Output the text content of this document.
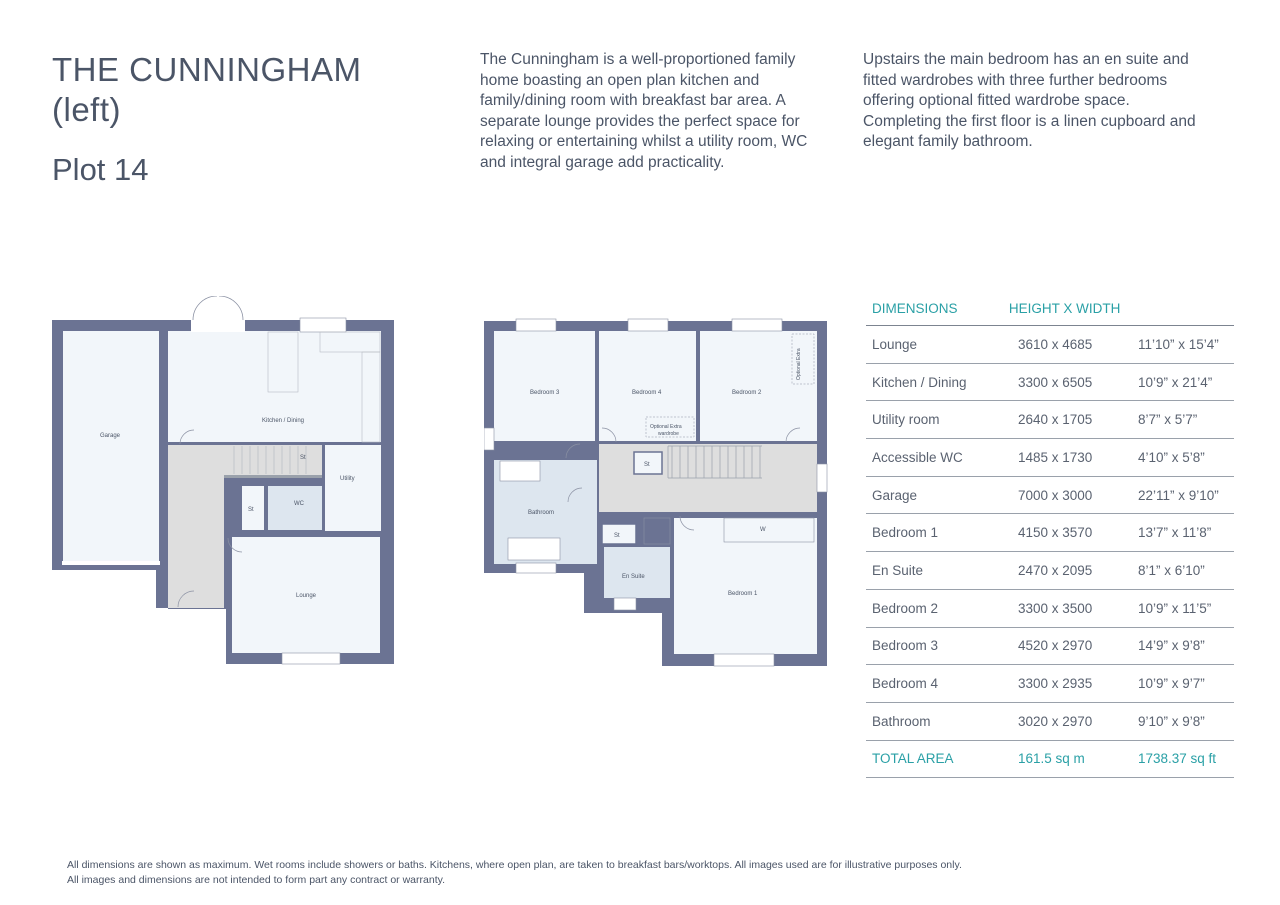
THE CUNNINGHAM
(left)
Plot 14

The Cunningham is a well-proportioned family home boasting an open plan kitchen and family/dining room with breakfast bar area. A separate lounge provides the perfect space for relaxing or entertaining whilst a utility room, WC and integral garage add practicality.

Upstairs the main bedroom has an en suite and fitted wardrobes with three further bedrooms offering optional fitted wardrobe space. Completing the first floor is a linen cupboard and elegant family bathroom.

Garage
Kitchen / Dining
Utility
WC
Lounge
St
St
Bedroom 3	Bedroom 4	Bedroom 2
Bedroom 1
Bathroom
En Suite
W
Optional Extra
wardrobe
Optional Extra
St
St
DIMENSIONS	HEIGHT X WIDTH
Lounge	3610 x 4685	11’10” x 15’4”
Kitchen / Dining	3300 x 6505	10’9” x 21’4”
Utility room	2640 x 1705	8’7” x 5’7”
Accessible WC	1485 x 1730	4’10” x 5’8”
Garage	7000 x 3000	22’11” x 9’10”
Bedroom 1	4150 x 3570	13’7” x 11’8”
En Suite	2470 x 2095	8’1” x 6’10”
Bedroom 2	3300 x 3500	10’9” x 11’5”
Bedroom 3	4520 x 2970	14’9” x 9’8”
Bedroom 4	3300 x 2935	10’9” x 9’7”
Bathroom	3020 x 2970	9’10” x 9’8”
TOTAL AREA	161.5 sq m	1738.37 sq ft
All dimensions are shown as maximum. Wet rooms include showers or baths. Kitchens, where open plan, are taken to breakfast bars/worktops. All images used are for illustrative purposes only.
All images and dimensions are not intended to form part any contract or warranty.
